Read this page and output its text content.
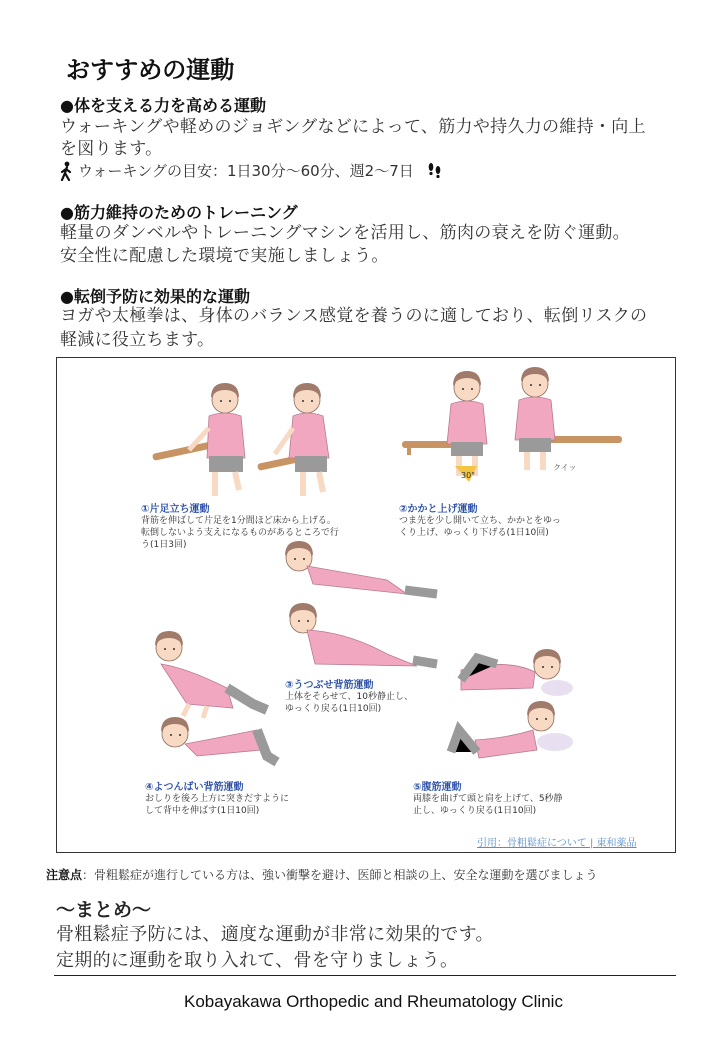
おすすめの運動
●体を支える力を高める運動
ウォーキングや軽めのジョギングなどによって、筋力や持久力の維持・向上
を図ります。
ウォーキングの目安：1日30分〜60分、週2〜7日
●筋力維持のためのトレーニング
軽量のダンベルやトレーニングマシンを活用し、筋肉の衰えを防ぐ運動。
安全性に配慮した環境で実施しましょう。
●転倒予防に効果的な運動
ヨガや太極拳は、身体のバランス感覚を養うのに適しており、転倒リスクの
軽減に役立ちます。
30°
クイッ
①片足立ち運動
背筋を伸ばして片足を1分間ほど床から上げる。
転倒しないよう支えになるものがあるところで行
う(1日3回)
②かかと上げ運動
つま先を少し開いて立ち、かかとをゆっ
くり上げ、ゆっくり下げる(1日10回)
③うつぶせ背筋運動
上体をそらせて、10秒静止し、
ゆっくり戻る(1日10回)
④よつんばい背筋運動
おしりを後ろ上方に突きだすように
して背中を伸ばす(1日10回)
⑤腹筋運動
両膝を曲げて頭と肩を上げて、5秒静
止し、ゆっくり戻る(1日10回)
引用：骨粗鬆症について | 東和薬品
注意点：骨粗鬆症が進行している方は、強い衝撃を避け、医師と相談の上、安全な運動を選びましょう
〜まとめ〜
骨粗鬆症予防には、適度な運動が非常に効果的です。
定期的に運動を取り入れて、骨を守りましょう。
Kobayakawa Orthopedic and Rheumatology Clinic
